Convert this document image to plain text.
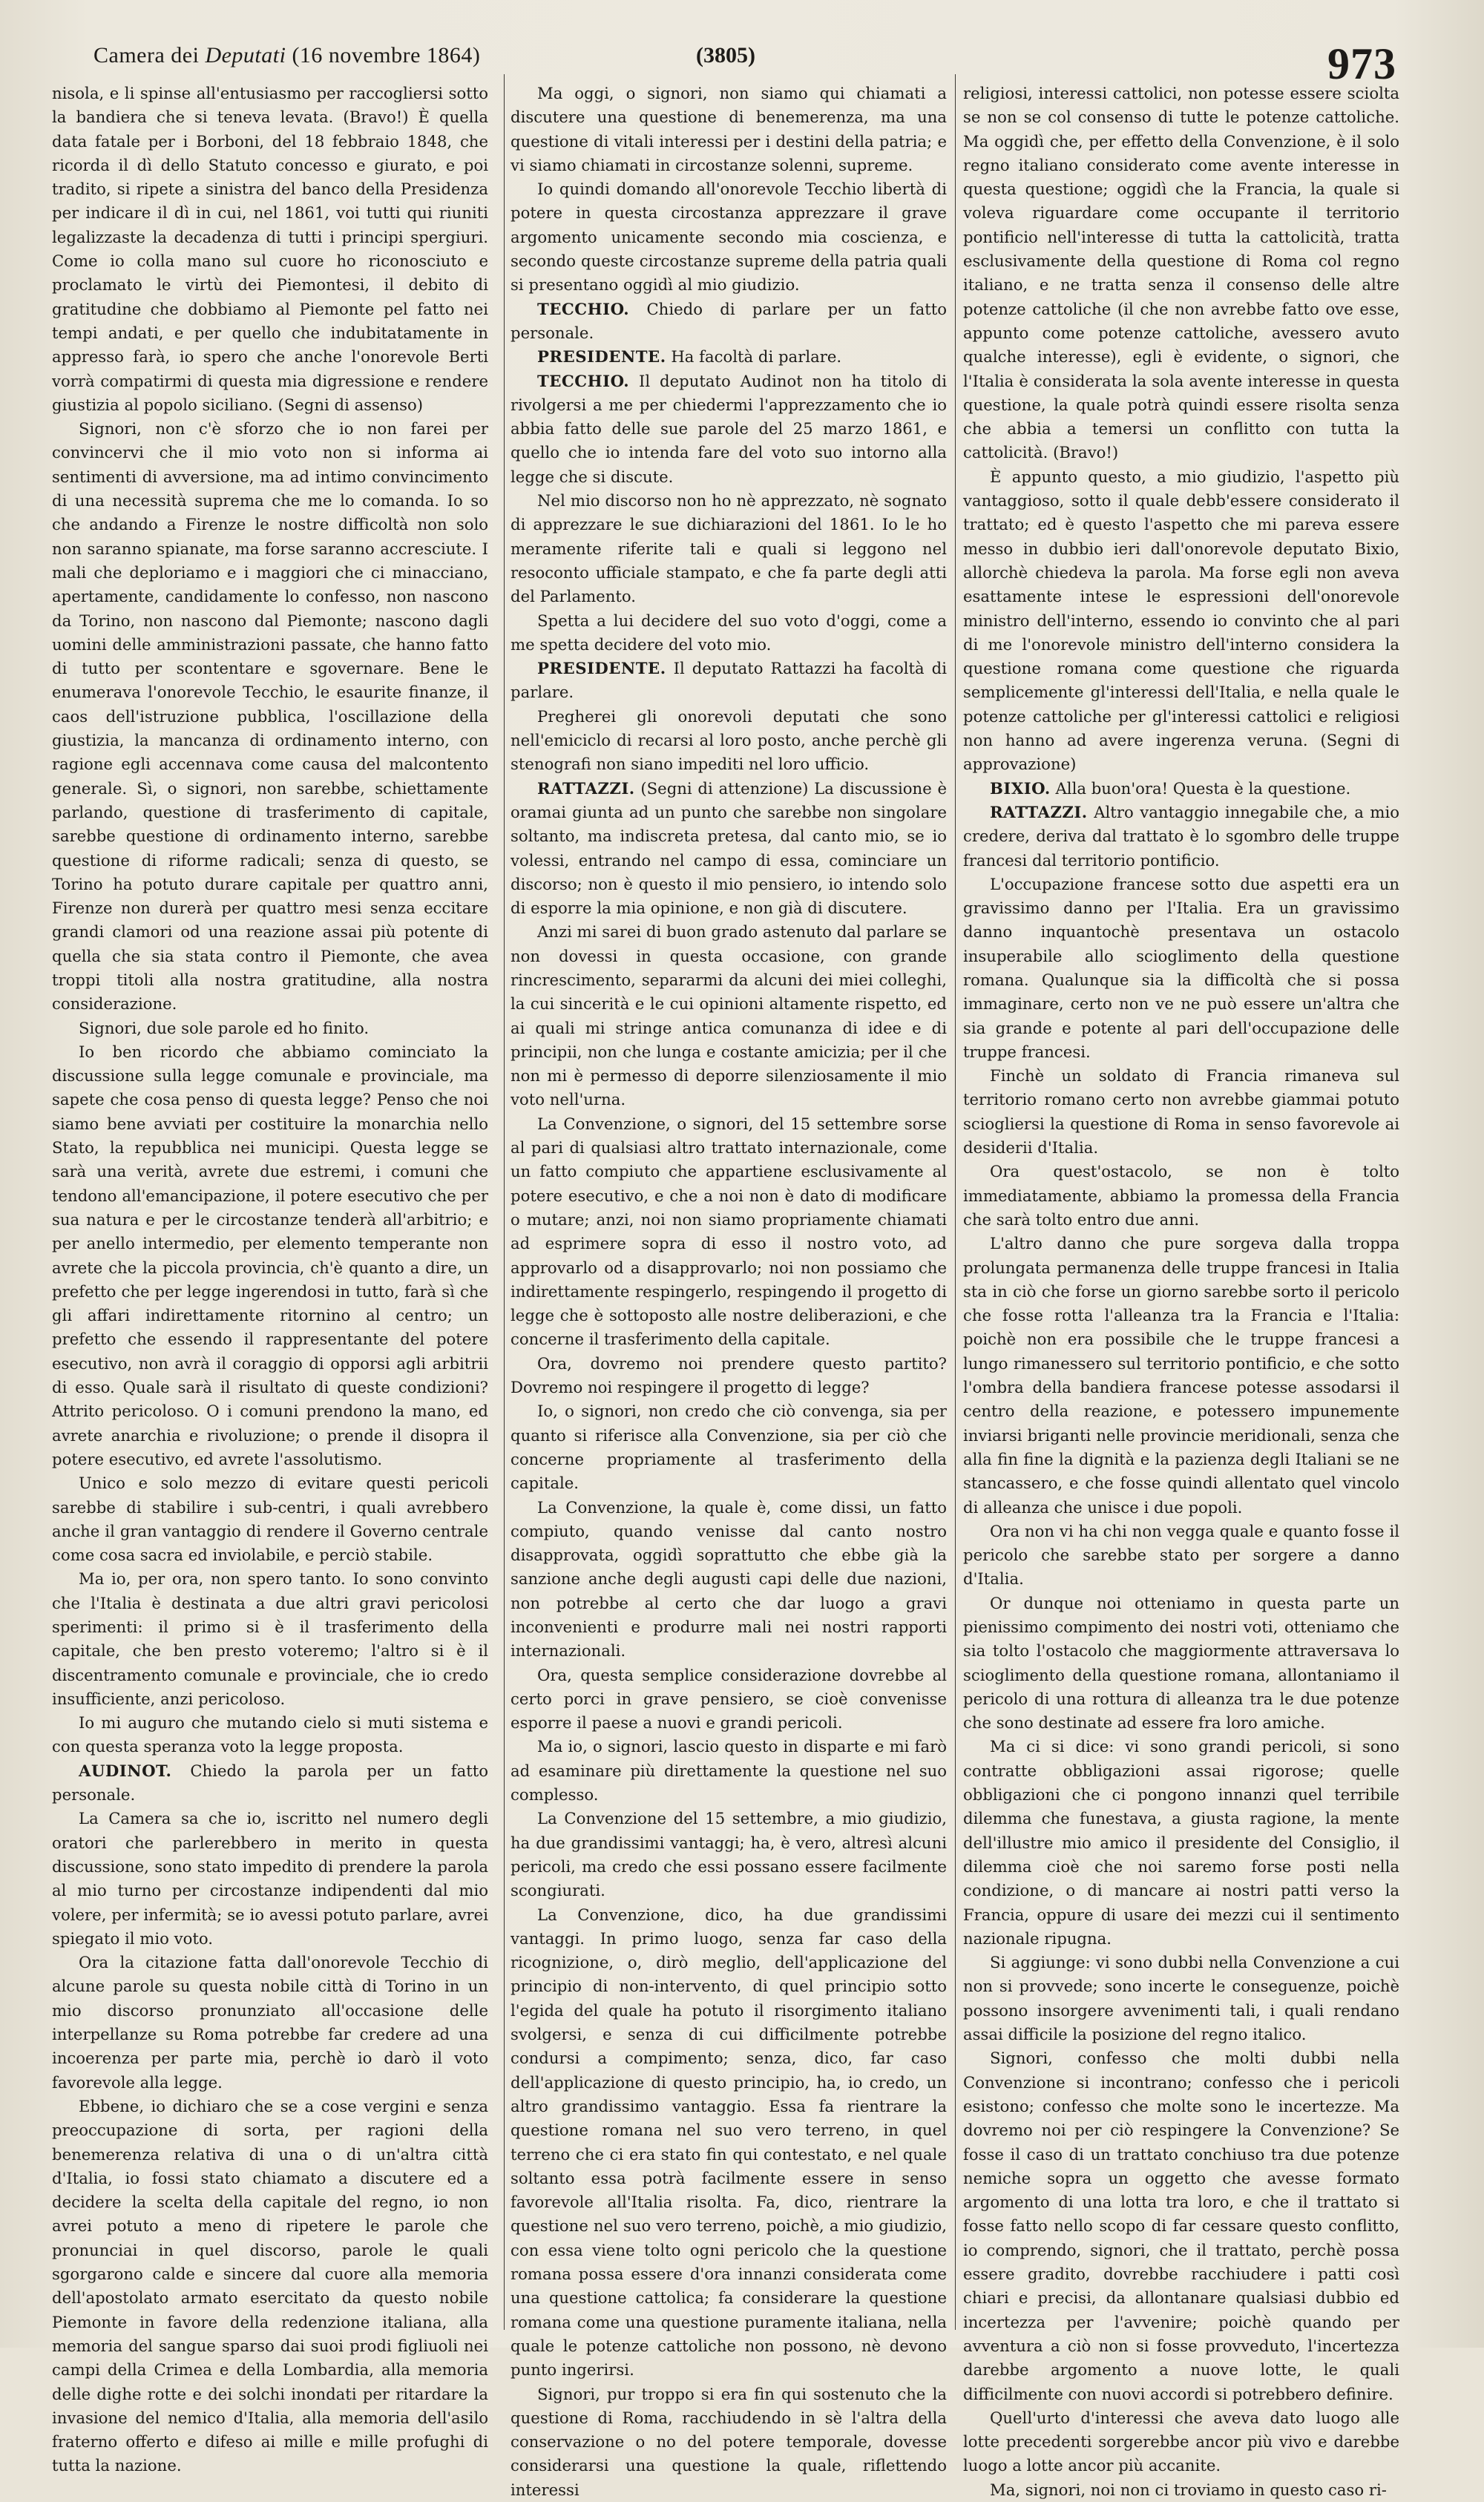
Camera dei Deputati (16 novembre 1864)	(3805)	973

nisola, e li spinse all'entusiasmo per raccogliersi sotto la bandiera che si teneva levata. (Bravo!) È quella data fatale per i Borboni, del 18 febbraio 1848, che ricorda il dì dello Statuto concesso e giurato, e poi tradito, si ripete a sinistra del banco della Presidenza per indicare il dì in cui, nel 1861, voi tutti qui riuniti legalizzaste la decadenza di tutti i principi spergiuri. Come io colla mano sul cuore ho riconosciuto e proclamato le virtù dei Piemontesi, il debito di gratitudine che dobbiamo al Piemonte pel fatto nei tempi andati, e per quello che indubitatamente in appresso farà, io spero che anche l'onorevole Berti vorrà compatirmi di questa mia digressione e rendere giustizia al popolo siciliano. (Segni di assenso)

Signori, non c'è sforzo che io non farei per convincervi che il mio voto non si informa ai sentimenti di avversione, ma ad intimo convincimento di una necessità suprema che me lo comanda. Io so che andando a Firenze le nostre difficoltà non solo non saranno spianate, ma forse saranno accresciute. I mali che deploriamo e i maggiori che ci minacciano, apertamente, candidamente lo confesso, non nascono da Torino, non nascono dal Piemonte; nascono dagli uomini delle amministrazioni passate, che hanno fatto di tutto per scontentare e sgovernare. Bene le enumerava l'onorevole Tecchio, le esaurite finanze, il caos dell'istruzione pubblica, l'oscillazione della giustizia, la mancanza di ordinamento interno, con ragione egli accennava come causa del malcontento generale. Sì, o signori, non sarebbe, schiettamente parlando, questione di trasferimento di capitale, sarebbe questione di ordinamento interno, sarebbe questione di riforme radicali; senza di questo, se Torino ha potuto durare capitale per quattro anni, Firenze non durerà per quattro mesi senza eccitare grandi clamori od una reazione assai più potente di quella che sia stata contro il Piemonte, che avea troppi titoli alla nostra gratitudine, alla nostra considerazione.

Signori, due sole parole ed ho finito.

Io ben ricordo che abbiamo cominciato la discussione sulla legge comunale e provinciale, ma sapete che cosa penso di questa legge? Penso che noi siamo bene avviati per costituire la monarchia nello Stato, la repubblica nei municipi. Questa legge se sarà una verità, avrete due estremi, i comuni che tendono all'emancipazione, il potere esecutivo che per sua natura e per le circostanze tenderà all'arbitrio; e per anello intermedio, per elemento temperante non avrete che la piccola provincia, ch'è quanto a dire, un prefetto che per legge ingerendosi in tutto, farà sì che gli affari indirettamente ritornino al centro; un prefetto che essendo il rappresentante del potere esecutivo, non avrà il coraggio di opporsi agli arbitrii di esso. Quale sarà il risultato di queste condizioni? Attrito pericoloso. O i comuni prendono la mano, ed avrete anarchia e rivoluzione; o prende il disopra il potere esecutivo, ed avrete l'assolutismo.

Unico e solo mezzo di evitare questi pericoli sarebbe di stabilire i sub-centri, i quali avrebbero anche il gran vantaggio di rendere il Governo centrale come cosa sacra ed inviolabile, e perciò stabile.

Ma io, per ora, non spero tanto. Io sono convinto che l'Italia è destinata a due altri gravi pericolosi sperimenti: il primo si è il trasferimento della capitale, che ben presto voteremo; l'altro si è il discentramento comunale e provinciale, che io credo insufficiente, anzi pericoloso.

Io mi auguro che mutando cielo si muti sistema e con questa speranza voto la legge proposta.

AUDINOT. Chiedo la parola per un fatto personale.

La Camera sa che io, iscritto nel numero degli oratori che parlerebbero in merito in questa discussione, sono stato impedito di prendere la parola al mio turno per circostanze indipendenti dal mio volere, per infermità; se io avessi potuto parlare, avrei spiegato il mio voto.

Ora la citazione fatta dall'onorevole Tecchio di alcune parole su questa nobile città di Torino in un mio discorso pronunziato all'occasione delle interpellanze su Roma potrebbe far credere ad una incoerenza per parte mia, perchè io darò il voto favorevole alla legge.

Ebbene, io dichiaro che se a cose vergini e senza preoccupazione di sorta, per ragioni della benemerenza relativa di una o di un'altra città d'Italia, io fossi stato chiamato a discutere ed a decidere la scelta della capitale del regno, io non avrei potuto a meno di ripetere le parole che pronunciai in quel discorso, parole le quali sgorgarono calde e sincere dal cuore alla memoria dell'apostolato armato esercitato da questo nobile Piemonte in favore della redenzione italiana, alla memoria del sangue sparso dai suoi prodi figliuoli nei campi della Crimea e della Lombardia, alla memoria delle dighe rotte e dei solchi inondati per ritardare la invasione del nemico d'Italia, alla memoria dell'asilo fraterno offerto e difeso ai mille e mille profughi di tutta la nazione.

Ma oggi, o signori, non siamo qui chiamati a discutere una questione di benemerenza, ma una questione di vitali interessi per i destini della patria; e vi siamo chiamati in circostanze solenni, supreme.

Io quindi domando all'onorevole Tecchio libertà di potere in questa circostanza apprezzare il grave argomento unicamente secondo mia coscienza, e secondo queste circostanze supreme della patria quali si presentano oggidì al mio giudizio.

TECCHIO. Chiedo di parlare per un fatto personale.

PRESIDENTE. Ha facoltà di parlare.

TECCHIO. Il deputato Audinot non ha titolo di rivolgersi a me per chiedermi l'apprezzamento che io abbia fatto delle sue parole del 25 marzo 1861, e quello che io intenda fare del voto suo intorno alla legge che si discute.

Nel mio discorso non ho nè apprezzato, nè sognato di apprezzare le sue dichiarazioni del 1861. Io le ho meramente riferite tali e quali si leggono nel resoconto ufficiale stampato, e che fa parte degli atti del Parlamento.

Spetta a lui decidere del suo voto d'oggi, come a me spetta decidere del voto mio.

PRESIDENTE. Il deputato Rattazzi ha facoltà di parlare.

Pregherei gli onorevoli deputati che sono nell'emiciclo di recarsi al loro posto, anche perchè gli stenografi non siano impediti nel loro ufficio.

RATTAZZI. (Segni di attenzione) La discussione è oramai giunta ad un punto che sarebbe non singolare soltanto, ma indiscreta pretesa, dal canto mio, se io volessi, entrando nel campo di essa, cominciare un discorso; non è questo il mio pensiero, io intendo solo di esporre la mia opinione, e non già di discutere.

Anzi mi sarei di buon grado astenuto dal parlare se non dovessi in questa occasione, con grande rincrescimento, separarmi da alcuni dei miei colleghi, la cui sincerità e le cui opinioni altamente rispetto, ed ai quali mi stringe antica comunanza di idee e di principii, non che lunga e costante amicizia; per il che non mi è permesso di deporre silenziosamente il mio voto nell'urna.

La Convenzione, o signori, del 15 settembre sorse al pari di qualsiasi altro trattato internazionale, come un fatto compiuto che appartiene esclusivamente al potere esecutivo, e che a noi non è dato di modificare o mutare; anzi, noi non siamo propriamente chiamati ad esprimere sopra di esso il nostro voto, ad approvarlo od a disapprovarlo; noi non possiamo che indirettamente respingerlo, respingendo il progetto di legge che è sottoposto alle nostre deliberazioni, e che concerne il trasferimento della capitale.

Ora, dovremo noi prendere questo partito? Dovremo noi respingere il progetto di legge?

Io, o signori, non credo che ciò convenga, sia per quanto si riferisce alla Convenzione, sia per ciò che concerne propriamente al trasferimento della capitale.

La Convenzione, la quale è, come dissi, un fatto compiuto, quando venisse dal canto nostro disapprovata, oggidì soprattutto che ebbe già la sanzione anche degli augusti capi delle due nazioni, non potrebbe al certo che dar luogo a gravi inconvenienti e produrre mali nei nostri rapporti internazionali.

Ora, questa semplice considerazione dovrebbe al certo porci in grave pensiero, se cioè convenisse esporre il paese a nuovi e grandi pericoli.

Ma io, o signori, lascio questo in disparte e mi farò ad esaminare più direttamente la questione nel suo complesso.

La Convenzione del 15 settembre, a mio giudizio, ha due grandissimi vantaggi; ha, è vero, altresì alcuni pericoli, ma credo che essi possano essere facilmente scongiurati.

La Convenzione, dico, ha due grandissimi vantaggi. In primo luogo, senza far caso della ricognizione, o, dirò meglio, dell'applicazione del principio di non-intervento, di quel principio sotto l'egida del quale ha potuto il risorgimento italiano svolgersi, e senza di cui difficilmente potrebbe condursi a compimento; senza, dico, far caso dell'applicazione di questo principio, ha, io credo, un altro grandissimo vantaggio. Essa fa rientrare la questione romana nel suo vero terreno, in quel terreno che ci era stato fin qui contestato, e nel quale soltanto essa potrà facilmente essere in senso favorevole all'Italia risolta. Fa, dico, rientrare la questione nel suo vero terreno, poichè, a mio giudizio, con essa viene tolto ogni pericolo che la questione romana possa essere d'ora innanzi considerata come una questione cattolica; fa considerare la questione romana come una questione puramente italiana, nella quale le potenze cattoliche non possono, nè devono punto ingerirsi.

Signori, pur troppo si era fin qui sostenuto che la questione di Roma, racchiudendo in sè l'altra della conservazione o no del potere temporale, dovesse considerarsi una questione la quale, riflettendo interessi

religiosi, interessi cattolici, non potesse essere sciolta se non se col consenso di tutte le potenze cattoliche. Ma oggidì che, per effetto della Convenzione, è il solo regno italiano considerato come avente interesse in questa questione; oggidì che la Francia, la quale si voleva riguardare come occupante il territorio pontificio nell'interesse di tutta la cattolicità, tratta esclusivamente della questione di Roma col regno italiano, e ne tratta senza il consenso delle altre potenze cattoliche (il che non avrebbe fatto ove esse, appunto come potenze cattoliche, avessero avuto qualche interesse), egli è evidente, o signori, che l'Italia è considerata la sola avente interesse in questa questione, la quale potrà quindi essere risolta senza che abbia a temersi un conflitto con tutta la cattolicità. (Bravo!)

È appunto questo, a mio giudizio, l'aspetto più vantaggioso, sotto il quale debb'essere considerato il trattato; ed è questo l'aspetto che mi pareva essere messo in dubbio ieri dall'onorevole deputato Bixio, allorchè chiedeva la parola. Ma forse egli non aveva esattamente intese le espressioni dell'onorevole ministro dell'interno, essendo io convinto che al pari di me l'onorevole ministro dell'interno considera la questione romana come questione che riguarda semplicemente gl'interessi dell'Italia, e nella quale le potenze cattoliche per gl'interessi cattolici e religiosi non hanno ad avere ingerenza veruna. (Segni di approvazione)

BIXIO. Alla buon'ora! Questa è la questione.

RATTAZZI. Altro vantaggio innegabile che, a mio credere, deriva dal trattato è lo sgombro delle truppe francesi dal territorio pontificio.

L'occupazione francese sotto due aspetti era un gravissimo danno per l'Italia. Era un gravissimo danno inquantochè presentava un ostacolo insuperabile allo scioglimento della questione romana. Qualunque sia la difficoltà che si possa immaginare, certo non ve ne può essere un'altra che sia grande e potente al pari dell'occupazione delle truppe francesi.

Finchè un soldato di Francia rimaneva sul territorio romano certo non avrebbe giammai potuto sciogliersi la questione di Roma in senso favorevole ai desiderii d'Italia.

Ora quest'ostacolo, se non è tolto immediatamente, abbiamo la promessa della Francia che sarà tolto entro due anni.

L'altro danno che pure sorgeva dalla troppa prolungata permanenza delle truppe francesi in Italia sta in ciò che forse un giorno sarebbe sorto il pericolo che fosse rotta l'alleanza tra la Francia e l'Italia: poichè non era possibile che le truppe francesi a lungo rimanessero sul territorio pontificio, e che sotto l'ombra della bandiera francese potesse assodarsi il centro della reazione, e potessero impunemente inviarsi briganti nelle provincie meridionali, senza che alla fin fine la dignità e la pazienza degli Italiani se ne stancassero, e che fosse quindi allentato quel vincolo di alleanza che unisce i due popoli.

Ora non vi ha chi non vegga quale e quanto fosse il pericolo che sarebbe stato per sorgere a danno d'Italia.

Or dunque noi otteniamo in questa parte un pienissimo compimento dei nostri voti, otteniamo che sia tolto l'ostacolo che maggiormente attraversava lo scioglimento della questione romana, allontaniamo il pericolo di una rottura di alleanza tra le due potenze che sono destinate ad essere fra loro amiche.

Ma ci si dice: vi sono grandi pericoli, si sono contratte obbligazioni assai rigorose; quelle obbligazioni che ci pongono innanzi quel terribile dilemma che funestava, a giusta ragione, la mente dell'illustre mio amico il presidente del Consiglio, il dilemma cioè che noi saremo forse posti nella condizione, o di mancare ai nostri patti verso la Francia, oppure di usare dei mezzi cui il sentimento nazionale ripugna.

Si aggiunge: vi sono dubbi nella Convenzione a cui non si provvede; sono incerte le conseguenze, poichè possono insorgere avvenimenti tali, i quali rendano assai difficile la posizione del regno italico.

Signori, confesso che molti dubbi nella Convenzione si incontrano; confesso che i pericoli esistono; confesso che molte sono le incertezze. Ma dovremo noi per ciò respingere la Convenzione? Se fosse il caso di un trattato conchiuso tra due potenze nemiche sopra un oggetto che avesse formato argomento di una lotta tra loro, e che il trattato si fosse fatto nello scopo di far cessare questo conflitto, io comprendo, signori, che il trattato, perchè possa essere gradito, dovrebbe racchiudere i patti così chiari e precisi, da allontanare qualsiasi dubbio ed incertezza per l'avvenire; poichè quando per avventura a ciò non si fosse provveduto, l'incertezza darebbe argomento a nuove lotte, le quali difficilmente con nuovi accordi si potrebbero definire.

Quell'urto d'interessi che aveva dato luogo alle lotte precedenti sorgerebbe ancor più vivo e darebbe luogo a lotte ancor più accanite.

Ma, signori, noi non ci troviamo in questo caso ri-
